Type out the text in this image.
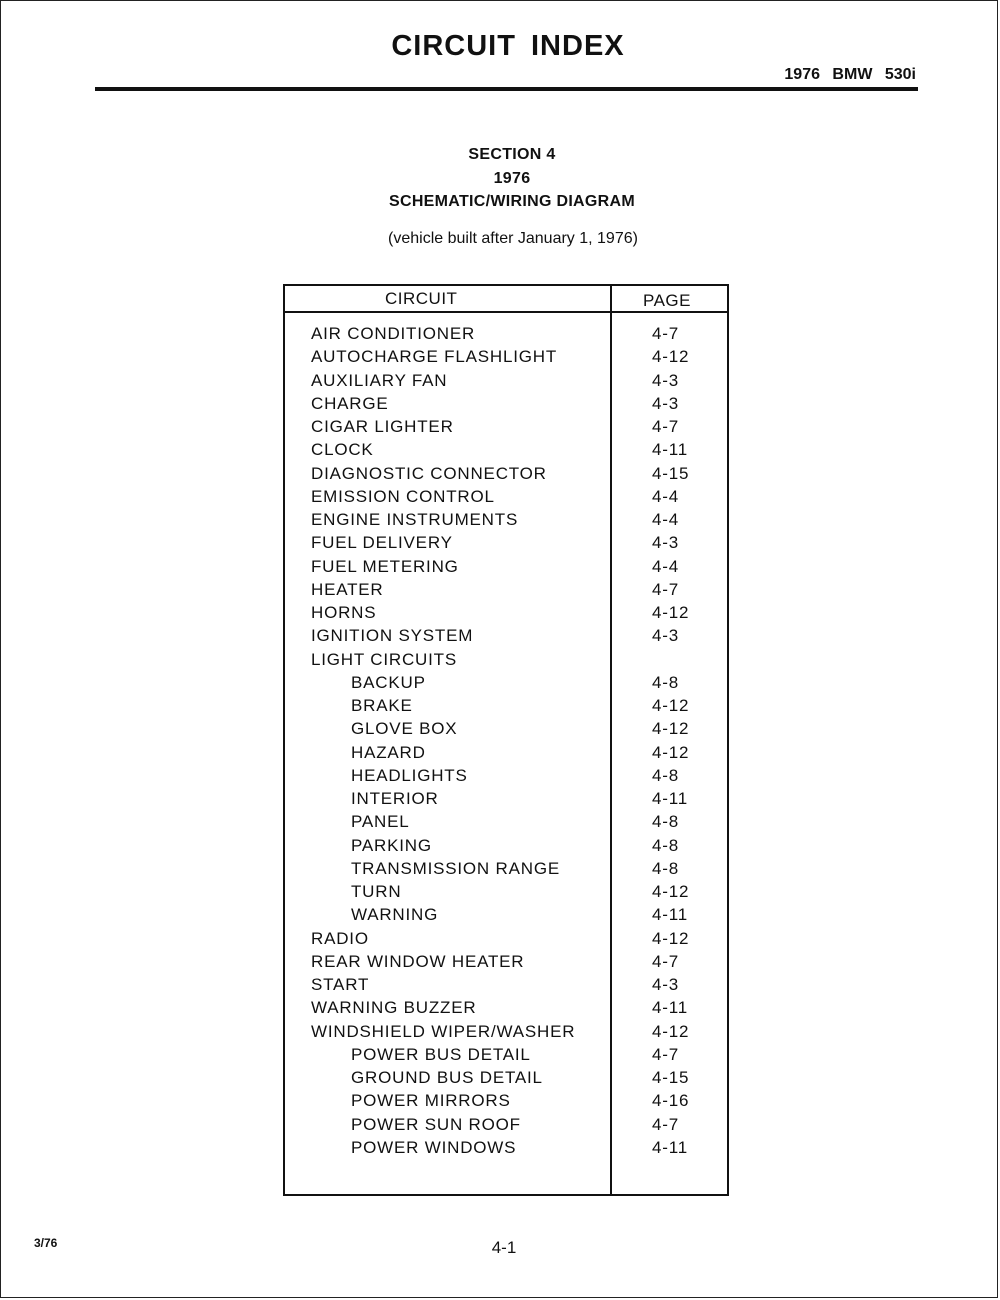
CIRCUIT INDEX
1976 BMW 530i
SECTION 4
1976
SCHEMATIC/WIRING DIAGRAM
(vehicle built after January 1, 1976)
CIRCUIT	PAGE
AIR CONDITIONER	4-7
AUTOCHARGE FLASHLIGHT	4-12
AUXILIARY FAN	4-3
CHARGE	4-3
CIGAR LIGHTER	4-7
CLOCK	4-11
DIAGNOSTIC CONNECTOR	4-15
EMISSION CONTROL	4-4
ENGINE INSTRUMENTS	4-4
FUEL DELIVERY	4-3
FUEL METERING	4-4
HEATER	4-7
HORNS	4-12
IGNITION SYSTEM	4-3
LIGHT CIRCUITS
BACKUP	4-8
BRAKE	4-12
GLOVE BOX	4-12
HAZARD	4-12
HEADLIGHTS	4-8
INTERIOR	4-11
PANEL	4-8
PARKING	4-8
TRANSMISSION RANGE	4-8
TURN	4-12
WARNING	4-11
RADIO	4-12
REAR WINDOW HEATER	4-7
START	4-3
WARNING BUZZER	4-11
WINDSHIELD WIPER/WASHER	4-12
POWER BUS DETAIL	4-7
GROUND BUS DETAIL	4-15
POWER MIRRORS	4-16
POWER SUN ROOF	4-7
POWER WINDOWS	4-11
3/76	4-1
